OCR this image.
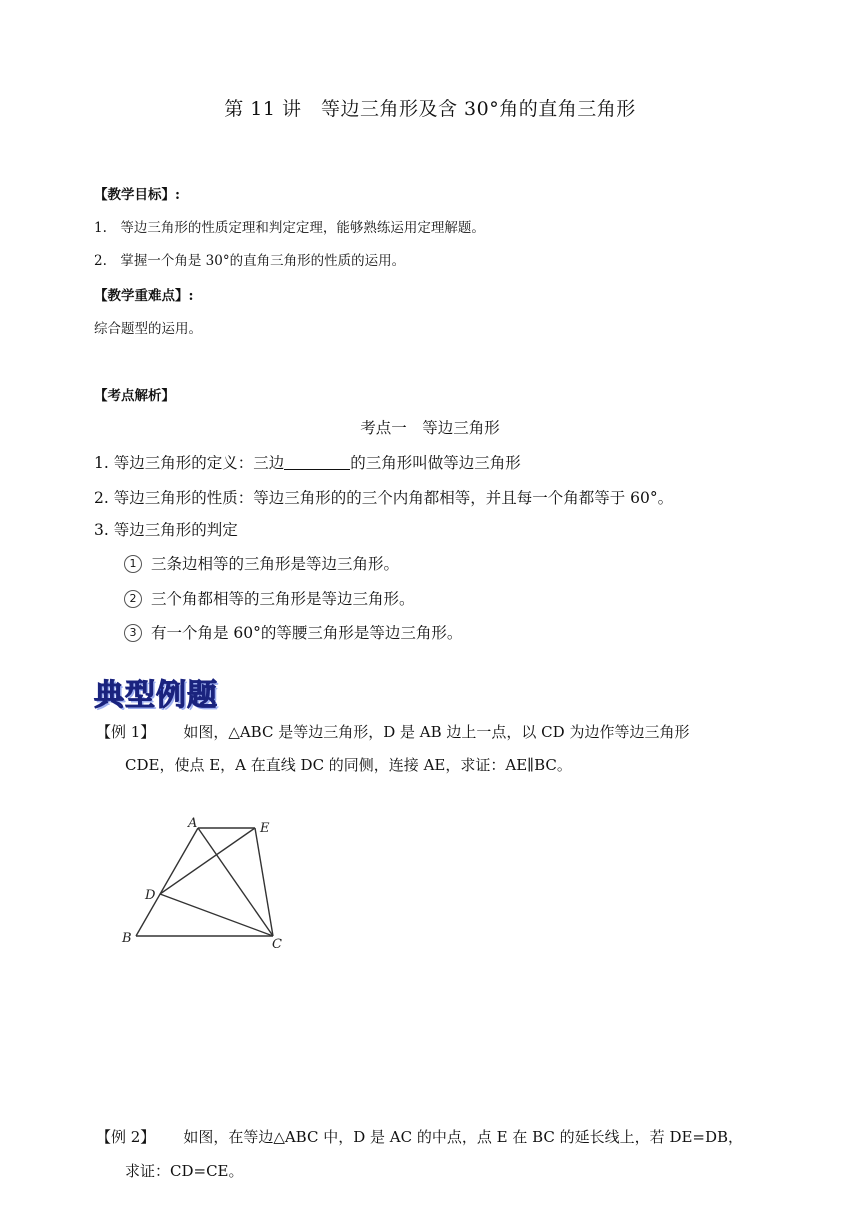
第 11 讲　等边三角形及含 30°角的直角三角形
【教学目标】:
1.　等边三角形的性质定理和判定定理，能够熟练运用定理解题。
2.　掌握一个角是 30°的直角三角形的性质的运用。
【教学重难点】:
综合题型的运用。
【考点解析】
考点一　等边三角形
1. 等边三角形的定义：三边	的三角形叫做等边三角形
2. 等边三角形的性质：等边三角形的的三个内角都相等，并且每一个角都等于 60°。
3. 等边三角形的判定
1 三条边相等的三角形是等边三角形。
2 三个角都相等的三角形是等边三角形。
3 有一个角是 60°的等腰三角形是等边三角形。
典型例题
【例 1】 如图，△ABC 是等边三角形，D 是 AB 边上一点，以 CD 为边作等边三角形
CDE，使点 E，A 在直线 DC 的同侧，连接 AE，求证：AE∥BC。
A	E
D
B	C
【例 2】 如图，在等边△ABC 中，D 是 AC 的中点，点 E 在 BC 的延长线上，若 DE=DB，
求证：CD=CE。
